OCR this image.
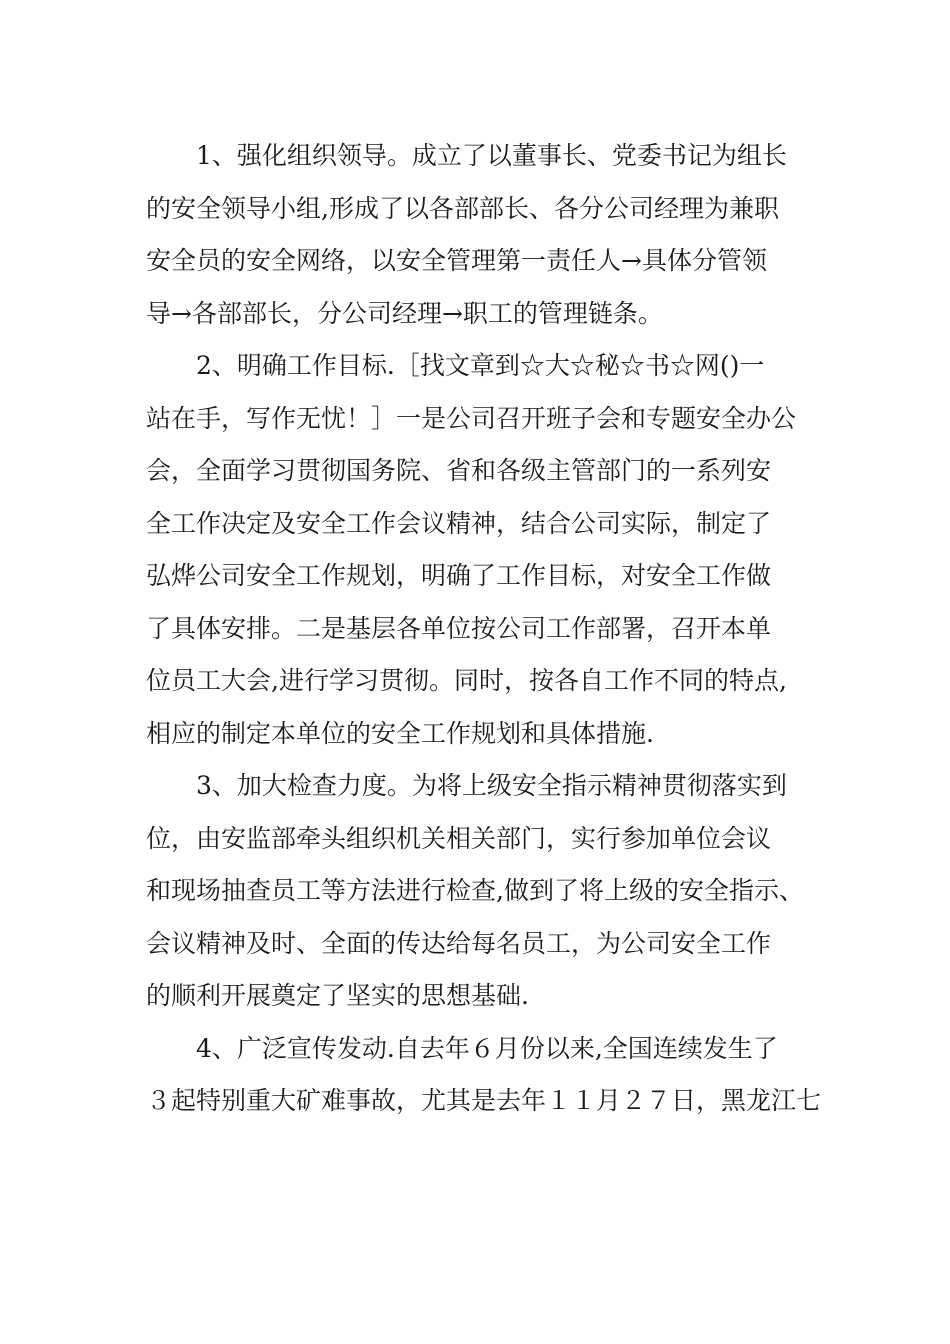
1、强化组织领导。成立了以董事长、党委书记为组长
的安全领导小组,形成了以各部部长、各分公司经理为兼职
安全员的安全网络，以安全管理第一责任人→具体分管领
导→各部部长，分公司经理→职工的管理链条。
2、明确工作目标.［找文章到☆大☆秘☆书☆网()一
站在手，写作无忧！］一是公司召开班子会和专题安全办公
会，全面学习贯彻国务院、省和各级主管部门的一系列安
全工作决定及安全工作会议精神，结合公司实际，制定了
弘烨公司安全工作规划，明确了工作目标，对安全工作做
了具体安排。二是基层各单位按公司工作部署，召开本单
位员工大会,进行学习贯彻。同时，按各自工作不同的特点,
相应的制定本单位的安全工作规划和具体措施.
3、加大检查力度。为将上级安全指示精神贯彻落实到
位，由安监部牵头组织机关相关部门，实行参加单位会议
和现场抽查员工等方法进行检查,做到了将上级的安全指示、
会议精神及时、全面的传达给每名员工，为公司安全工作
的顺利开展奠定了坚实的思想基础.
4、广泛宣传发动.自去年６月份以来,全国连续发生了
３起特别重大矿难事故，尤其是去年１１月２７日，黑龙江七
